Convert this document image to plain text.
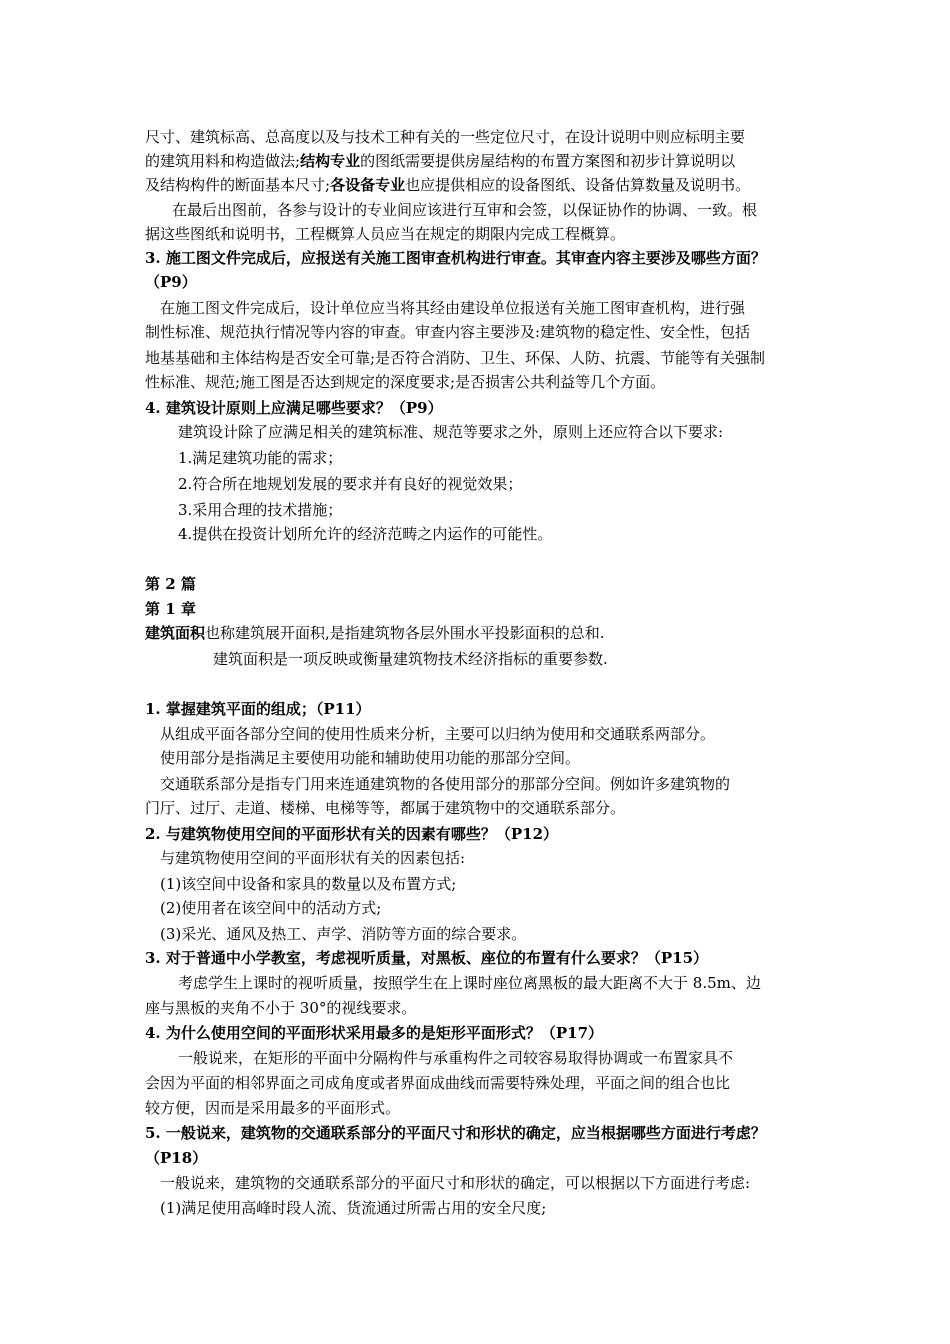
尺寸、建筑标高、总高度以及与技术工种有关的一些定位尺寸，在设计说明中则应标明主要
的建筑用料和构造做法;结构专业的图纸需要提供房屋结构的布置方案图和初步计算说明以
及结构构件的断面基本尺寸;各设备专业也应提供相应的设备图纸、设备估算数量及说明书。
在最后出图前，各参与设计的专业间应该进行互审和会签，以保证协作的协调、一致。根
据这些图纸和说明书，工程概算人员应当在规定的期限内完成工程概算。
3. 施工图文件完成后，应报送有关施工图审查机构进行审查。其审查内容主要涉及哪些方面？
（P9）
在施工图文件完成后，设计单位应当将其经由建设单位报送有关施工图审查机构，进行强
制性标准、规范执行情况等内容的审查。审查内容主要涉及:建筑物的稳定性、安全性，包括
地基基础和主体结构是否安全可靠;是否符合消防、卫生、环保、人防、抗震、节能等有关强制
性标准、规范;施工图是否达到规定的深度要求;是否损害公共利益等几个方面。
4. 建筑设计原则上应满足哪些要求？（P9）
建筑设计除了应满足相关的建筑标准、规范等要求之外，原则上还应符合以下要求:
1.满足建筑功能的需求；
2.符合所在地规划发展的要求并有良好的视觉效果；
3.采用合理的技术措施；
4.提供在投资计划所允许的经济范畴之内运作的可能性。
第 2 篇
第 1 章
建筑面积也称建筑展开面积,是指建筑物各层外围水平投影面积的总和.
建筑面积是一项反映或衡量建筑物技术经济指标的重要参数.
1. 掌握建筑平面的组成；（P11）
从组成平面各部分空间的使用性质来分析，主要可以归纳为使用和交通联系两部分。
使用部分是指满足主要使用功能和辅助使用功能的那部分空间。
交通联系部分是指专门用来连通建筑物的各使用部分的那部分空间。例如许多建筑物的
门厅、过厅、走道、楼梯、电梯等等，都属于建筑物中的交通联系部分。
2. 与建筑物使用空间的平面形状有关的因素有哪些？（P12）
与建筑物使用空间的平面形状有关的因素包括:
(1)该空间中设备和家具的数量以及布置方式;
(2)使用者在该空间中的活动方式;
(3)采光、通风及热工、声学、消防等方面的综合要求。
3. 对于普通中小学教室，考虑视听质量，对黑板、座位的布置有什么要求？（P15）
考虑学生上课时的视听质量，按照学生在上课时座位离黑板的最大距离不大于 8.5m、边
座与黑板的夹角不小于 30°的视线要求。
4. 为什么使用空间的平面形状采用最多的是矩形平面形式？（P17）
一般说来，在矩形的平面中分隔构件与承重构件之司较容易取得协调或一布置家具不
会因为平面的相邻界面之司成角度或者界面成曲线而需要特殊处理，平面之间的组合也比
较方便，因而是采用最多的平面形式。
5. 一般说来，建筑物的交通联系部分的平面尺寸和形状的确定，应当根据哪些方面进行考虑？
（P18）
一般说来，建筑物的交通联系部分的平面尺寸和形状的确定，可以根据以下方面进行考虑:
(1)满足使用高峰时段人流、货流通过所需占用的安全尺度;
